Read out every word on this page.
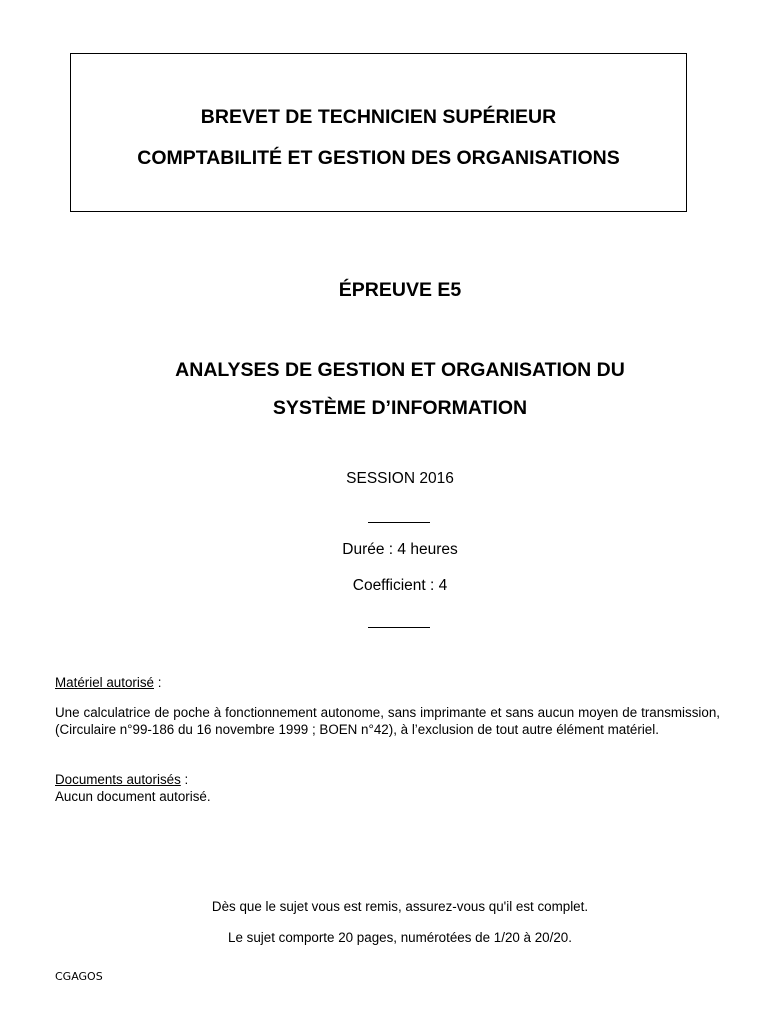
BREVET DE TECHNICIEN SUPÉRIEUR
COMPTABILITÉ ET GESTION DES ORGANISATIONS
ÉPREUVE E5
ANALYSES DE GESTION ET ORGANISATION DU
SYSTÈME D’INFORMATION
SESSION 2016
Durée : 4 heures
Coefficient : 4
Matériel autorisé :
Une calculatrice de poche à fonctionnement autonome, sans imprimante et sans aucun moyen de transmission, (Circulaire n°99-186 du 16 novembre 1999 ; BOEN n°42), à l’exclusion de tout autre élément matériel.
Documents autorisés :
Aucun document autorisé.
Dès que le sujet vous est remis, assurez-vous qu'il est complet.
Le sujet comporte 20 pages, numérotées de 1/20 à 20/20.
CGAGOS
